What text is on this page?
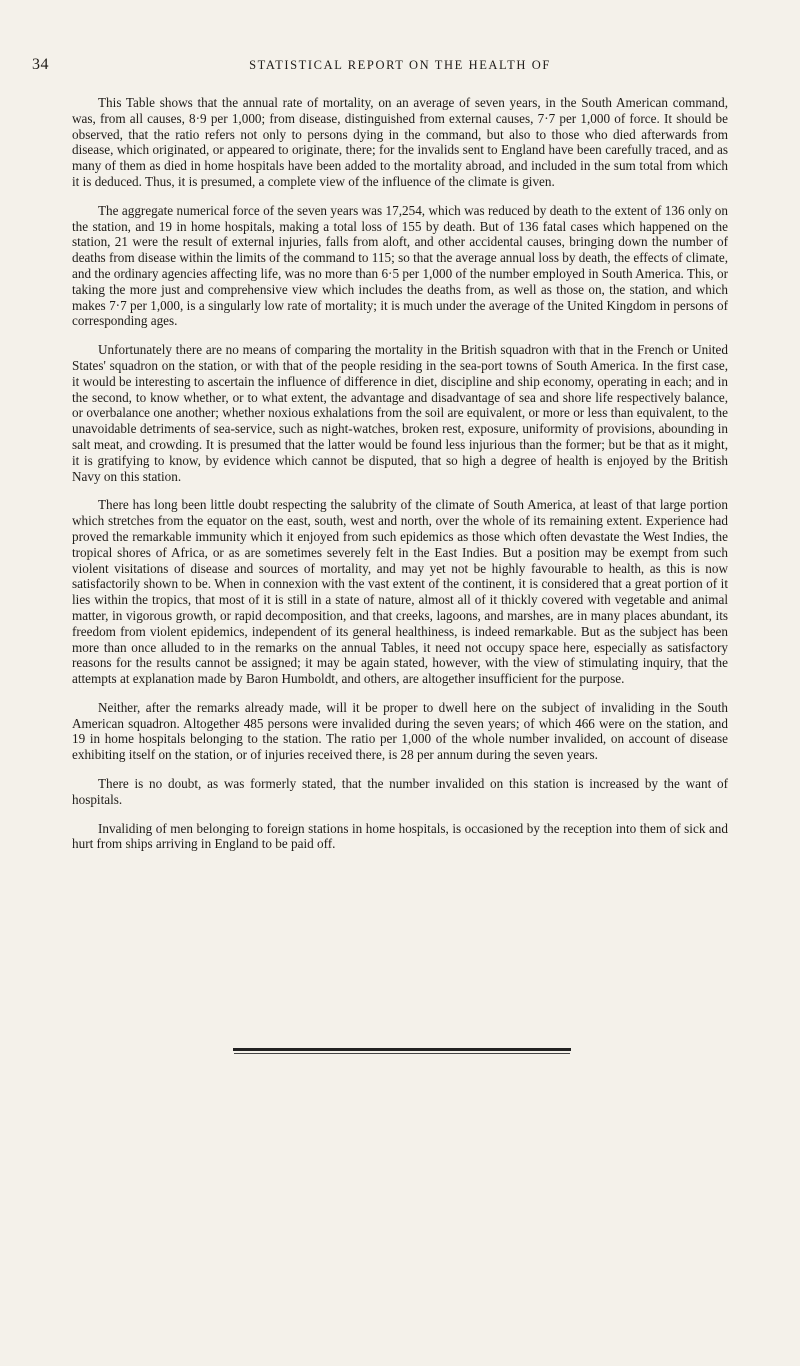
34	STATISTICAL REPORT ON THE HEALTH OF

This Table shows that the annual rate of mortality, on an average of seven years, in the South American command, was, from all causes, 8·9 per 1,000; from disease, distinguished from external causes, 7·7 per 1,000 of force. It should be observed, that the ratio refers not only to persons dying in the command, but also to those who died afterwards from disease, which originated, or appeared to originate, there; for the invalids sent to England have been carefully traced, and as many of them as died in home hospitals have been added to the mortality abroad, and included in the sum total from which it is deduced. Thus, it is presumed, a complete view of the influence of the climate is given.

The aggregate numerical force of the seven years was 17,254, which was reduced by death to the extent of 136 only on the station, and 19 in home hospitals, making a total loss of 155 by death. But of 136 fatal cases which happened on the station, 21 were the result of external injuries, falls from aloft, and other accidental causes, bringing down the number of deaths from disease within the limits of the command to 115; so that the average annual loss by death, the effects of climate, and the ordinary agencies affecting life, was no more than 6·5 per 1,000 of the number employed in South America. This, or taking the more just and comprehensive view which includes the deaths from, as well as those on, the station, and which makes 7·7 per 1,000, is a singularly low rate of mortality; it is much under the average of the United Kingdom in persons of corresponding ages.

Unfortunately there are no means of comparing the mortality in the British squadron with that in the French or United States' squadron on the station, or with that of the people residing in the sea-port towns of South America. In the first case, it would be interesting to ascertain the influence of difference in diet, discipline and ship economy, operating in each; and in the second, to know whether, or to what extent, the advantage and disadvantage of sea and shore life respectively balance, or overbalance one another; whether noxious exhalations from the soil are equivalent, or more or less than equivalent, to the unavoidable detriments of sea-service, such as night-watches, broken rest, exposure, uniformity of provisions, abounding in salt meat, and crowding. It is presumed that the latter would be found less injurious than the former; but be that as it might, it is gratifying to know, by evidence which cannot be disputed, that so high a degree of health is enjoyed by the British Navy on this station.

There has long been little doubt respecting the salubrity of the climate of South America, at least of that large portion which stretches from the equator on the east, south, west and north, over the whole of its remaining extent. Experience had proved the remarkable immunity which it enjoyed from such epidemics as those which often devastate the West Indies, the tropical shores of Africa, or as are sometimes severely felt in the East Indies. But a position may be exempt from such violent visitations of disease and sources of mortality, and may yet not be highly favourable to health, as this is now satisfactorily shown to be. When in connexion with the vast extent of the continent, it is considered that a great portion of it lies within the tropics, that most of it is still in a state of nature, almost all of it thickly covered with vegetable and animal matter, in vigorous growth, or rapid decomposition, and that creeks, lagoons, and marshes, are in many places abundant, its freedom from violent epidemics, independent of its general healthiness, is indeed remarkable. But as the subject has been more than once alluded to in the remarks on the annual Tables, it need not occupy space here, especially as satisfactory reasons for the results cannot be assigned; it may be again stated, however, with the view of stimulating inquiry, that the attempts at explanation made by Baron Humboldt, and others, are altogether insufficient for the purpose.

Neither, after the remarks already made, will it be proper to dwell here on the subject of invaliding in the South American squadron. Altogether 485 persons were invalided during the seven years; of which 466 were on the station, and 19 in home hospitals belonging to the station. The ratio per 1,000 of the whole number invalided, on account of disease exhibiting itself on the station, or of injuries received there, is 28 per annum during the seven years.

There is no doubt, as was formerly stated, that the number invalided on this station is increased by the want of hospitals.

Invaliding of men belonging to foreign stations in home hospitals, is occasioned by the reception into them of sick and hurt from ships arriving in England to be paid off.
